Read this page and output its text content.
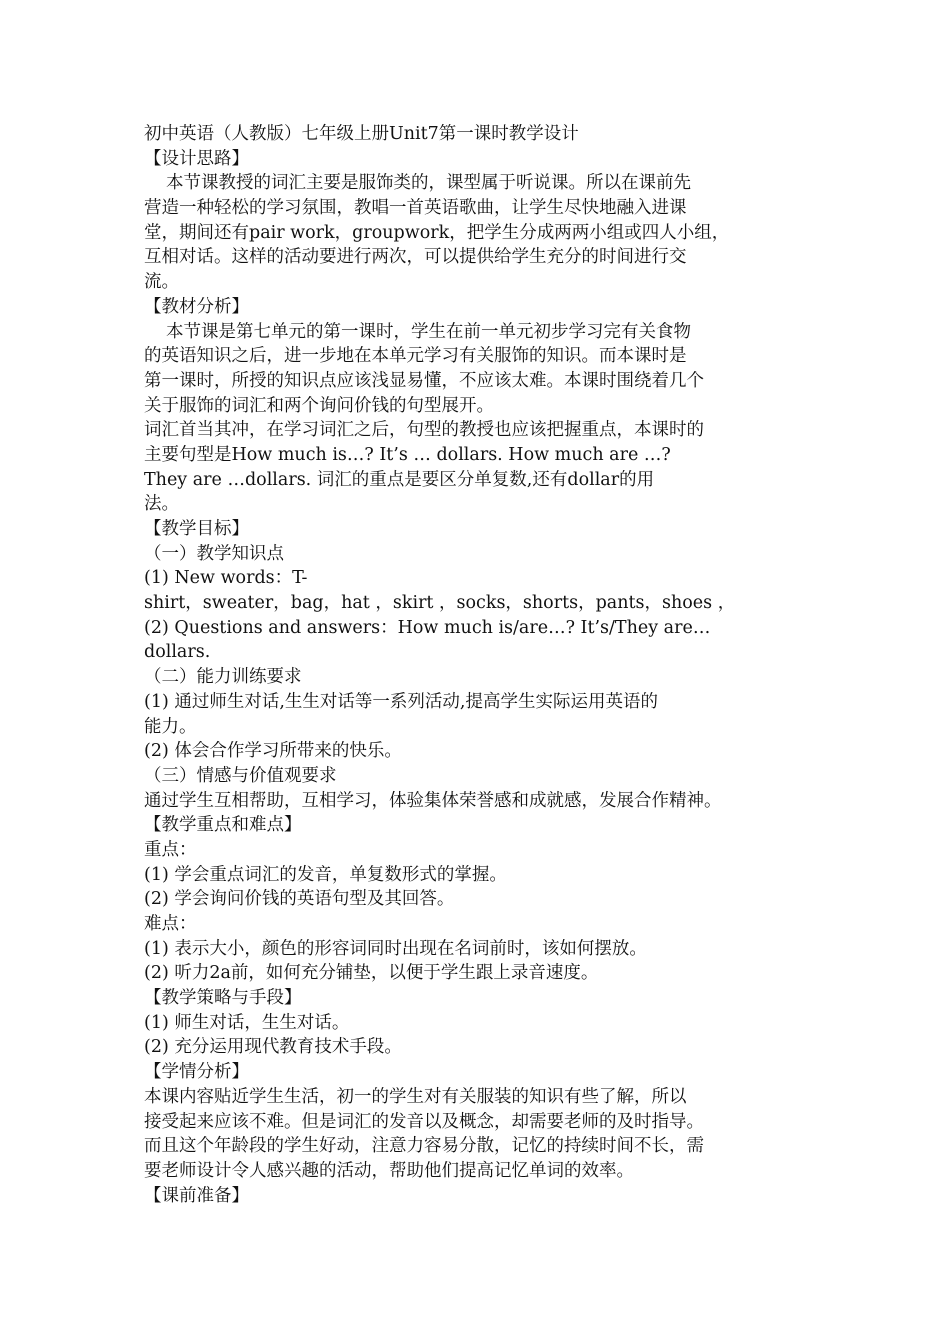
初中英语（人教版）七年级上册Unit7第一课时教学设计
【设计思路】
本节课教授的词汇主要是服饰类的，课型属于听说课。所以在课前先
营造一种轻松的学习氛围，教唱一首英语歌曲，让学生尽快地融入进课
堂，期间还有pair work，groupwork，把学生分成两两小组或四人小组，
互相对话。这样的活动要进行两次，可以提供给学生充分的时间进行交
流。
【教材分析】
本节课是第七单元的第一课时，学生在前一单元初步学习完有关食物
的英语知识之后，进一步地在本单元学习有关服饰的知识。而本课时是
第一课时，所授的知识点应该浅显易懂，不应该太难。本课时围绕着几个
关于服饰的词汇和两个询问价钱的句型展开。
词汇首当其冲，在学习词汇之后，句型的教授也应该把握重点，本课时的
主要句型是How much is…? It’s … dollars. How much are …?
They are …dollars. 词汇的重点是要区分单复数,还有dollar的用
法。
【教学目标】
（一）教学知识点
(1) New words：T-
shirt，sweater，bag，hat ，skirt ，socks，shorts，pants，shoes ，
(2) Questions and answers：How much is/are…? It’s/They are…
dollars.
（二）能力训练要求
(1) 通过师生对话,生生对话等一系列活动,提高学生实际运用英语的
能力。
(2) 体会合作学习所带来的快乐。
（三）情感与价值观要求
通过学生互相帮助，互相学习，体验集体荣誉感和成就感，发展合作精神。
【教学重点和难点】
重点：
(1) 学会重点词汇的发音，单复数形式的掌握。
(2) 学会询问价钱的英语句型及其回答。
难点：
(1) 表示大小，颜色的形容词同时出现在名词前时，该如何摆放。
(2) 听力2a前，如何充分铺垫，以便于学生跟上录音速度。
【教学策略与手段】
(1) 师生对话，生生对话。
(2) 充分运用现代教育技术手段。
【学情分析】
本课内容贴近学生生活，初一的学生对有关服装的知识有些了解，所以
接受起来应该不难。但是词汇的发音以及概念，却需要老师的及时指导。
而且这个年龄段的学生好动，注意力容易分散，记忆的持续时间不长，需
要老师设计令人感兴趣的活动，帮助他们提高记忆单词的效率。
【课前准备】
